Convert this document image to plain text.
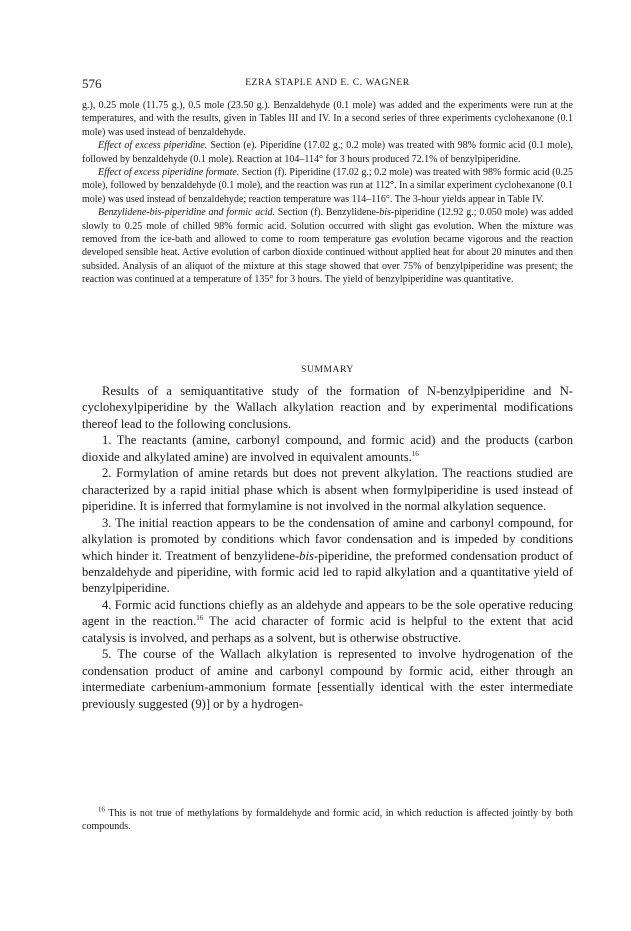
576	EZRA STAPLE AND E. C. WAGNER

g.), 0.25 mole (11.75 g.), 0.5 mole (23.50 g.). Benzaldehyde (0.1 mole) was added and the experiments were run at the temperatures, and with the results, given in Tables III and IV. In a second series of three experiments cyclohexanone (0.1 mole) was used instead of benzaldehyde.

Effect of excess piperidine. Section (e). Piperidine (17.02 g.; 0.2 mole) was treated with 98% formic acid (0.1 mole), followed by benzaldehyde (0.1 mole). Reaction at 104–114° for 3 hours produced 72.1% of benzylpiperidine.

Effect of excess piperidine formate. Section (f). Piperidine (17.02 g.; 0.2 mole) was treated with 98% formic acid (0.25 mole), followed by benzaldehyde (0.1 mole), and the reaction was run at 112°. In a similar experiment cyclohexanone (0.1 mole) was used instead of benzaldehyde; reaction temperature was 114–116°. The 3-hour yields appear in Table IV.

Benzylidene-bis-piperidine and formic acid. Section (f). Benzylidene-bis-piperidine (12.92 g.; 0.050 mole) was added slowly to 0.25 mole of chilled 98% formic acid. Solution occurred with slight gas evolution. When the mixture was removed from the ice-bath and allowed to come to room temperature gas evolution became vigorous and the reaction developed sensible heat. Active evolution of carbon dioxide continued without applied heat for about 20 minutes and then subsided. Analysis of an aliquot of the mixture at this stage showed that over 75% of benzylpiperidine was present; the reaction was continued at a temperature of 135° for 3 hours. The yield of benzylpiperidine was quantitative.

SUMMARY

Results of a semiquantitative study of the formation of N-benzylpiperidine and N-cyclohexylpiperidine by the Wallach alkylation reaction and by experimental modifications thereof lead to the following conclusions.

1. The reactants (amine, carbonyl compound, and formic acid) and the products (carbon dioxide and alkylated amine) are involved in equivalent amounts.$^{16}$

2. Formylation of amine retards but does not prevent alkylation. The reactions studied are characterized by a rapid initial phase which is absent when formylpiperidine is used instead of piperidine. It is inferred that formylamine is not involved in the normal alkylation sequence.

3. The initial reaction appears to be the condensation of amine and carbonyl compound, for alkylation is promoted by conditions which favor condensation and is impeded by conditions which hinder it. Treatment of benzylidene-bis-piperidine, the preformed condensation product of benzaldehyde and piperidine, with formic acid led to rapid alkylation and a quantitative yield of benzylpiperidine.

4. Formic acid functions chiefly as an aldehyde and appears to be the sole operative reducing agent in the reaction.$^{16}$ The acid character of formic acid is helpful to the extent that acid catalysis is involved, and perhaps as a solvent, but is otherwise obstructive.

5. The course of the Wallach alkylation is represented to involve hydrogenation of the condensation product of amine and carbonyl compound by formic acid, either through an intermediate carbenium-ammonium formate [essentially identical with the ester intermediate previously suggested (9)] or by a hydrogen-

$^{16}$ This is not true of methylations by formaldehyde and formic acid, in which reduction is affected jointly by both compounds.
